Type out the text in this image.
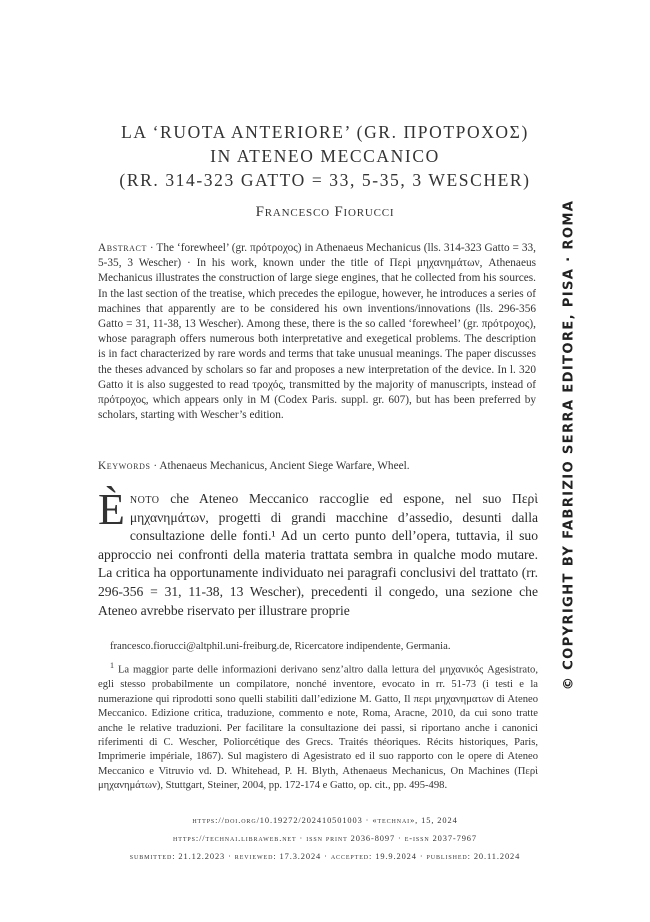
LA ‘RUOTA ANTERIORE’ (GR. ΠΡΟΤΡΟΧΟΣ)
IN ATENEO MECCANICO
(RR. 314-323 GATTO = 33, 5-35, 3 WESCHER)
Francesco Fiorucci
Abstract · The ‘forewheel’ (gr. πρότροχος) in Athenaeus Mechanicus (lls. 314-323 Gatto = 33, 5-35, 3 Wescher) · In his work, known under the title of Περὶ μηχανημάτων, Athenaeus Mechanicus illustrates the construction of large siege engines, that he collected from his sources. In the last section of the treatise, which precedes the epilogue, however, he introduces a series of machines that apparently are to be considered his own inventions/innovations (lls. 296-356 Gatto = 31, 11-38, 13 Wescher). Among these, there is the so called ‘forewheel’ (gr. πρότροχος), whose paragraph offers numerous both interpretative and exegetical problems. The description is in fact characterized by rare words and terms that take unusual meanings. The paper discusses the theses advanced by scholars so far and proposes a new interpretation of the device. In l. 320 Gatto it is also suggested to read τροχός, transmitted by the majority of manuscripts, instead of πρότροχος, which appears only in M (Codex Paris. suppl. gr. 607), but has been preferred by scholars, starting with Wescher’s edition.
Keywords · Athenaeus Mechanicus, Ancient Siege Warfare, Wheel.
Ènoto che Ateneo Meccanico raccoglie ed espone, nel suo Περὶ μηχανημάτων, progetti di grandi macchine d’assedio, desunti dalla consultazione delle fonti.¹ Ad un certo punto dell’opera, tuttavia, il suo approccio nei confronti della materia trattata sembra in qualche modo mutare. La critica ha opportunamente individuato nei paragrafi conclusivi del trattato (rr. 296-356 = 31, 11-38, 13 Wescher), precedenti il congedo, una sezione che Ateneo avrebbe riservato per illustrare proprie
francesco.fiorucci@altphil.uni-freiburg.de, Ricercatore indipendente, Germania.
$^1$ La maggior parte delle informazioni derivano senz’altro dalla lettura del μηχανικός Agesistrato, egli stesso probabilmente un compilatore, nonché inventore, evocato in rr. 51-73 (i testi e la numerazione qui riprodotti sono quelli stabiliti dall’edizione M. Gatto, Il περι μηχανηματων di Ateneo Meccanico. Edizione critica, traduzione, commento e note, Roma, Aracne, 2010, da cui sono tratte anche le relative traduzioni. Per facilitare la consultazione dei passi, si riportano anche i canonici riferimenti di C. Wescher, Poliorcétique des Grecs. Traités théoriques. Récits historiques, Paris, Imprimerie impériale, 1867). Sul magistero di Agesistrato ed il suo rapporto con le opere di Ateneo Meccanico e Vitruvio vd. D. Whitehead, P. H. Blyth, Athenaeus Mechanicus, On Machines (Περὶ μηχανημάτων), Stuttgart, Steiner, 2004, pp. 172-174 e Gatto, op. cit., pp. 495-498.
https://doi.org/10.19272/202410501003 · «technai», 15, 2024
https://technai.libraweb.net · issn print 2036-8097 · e-issn 2037-7967
submitted: 21.12.2023 · reviewed: 17.3.2024 · accepted: 19.9.2024 · published: 20.11.2024
© COPYRIGHT BY FABRIZIO SERRA EDITORE, PISA · ROMA
